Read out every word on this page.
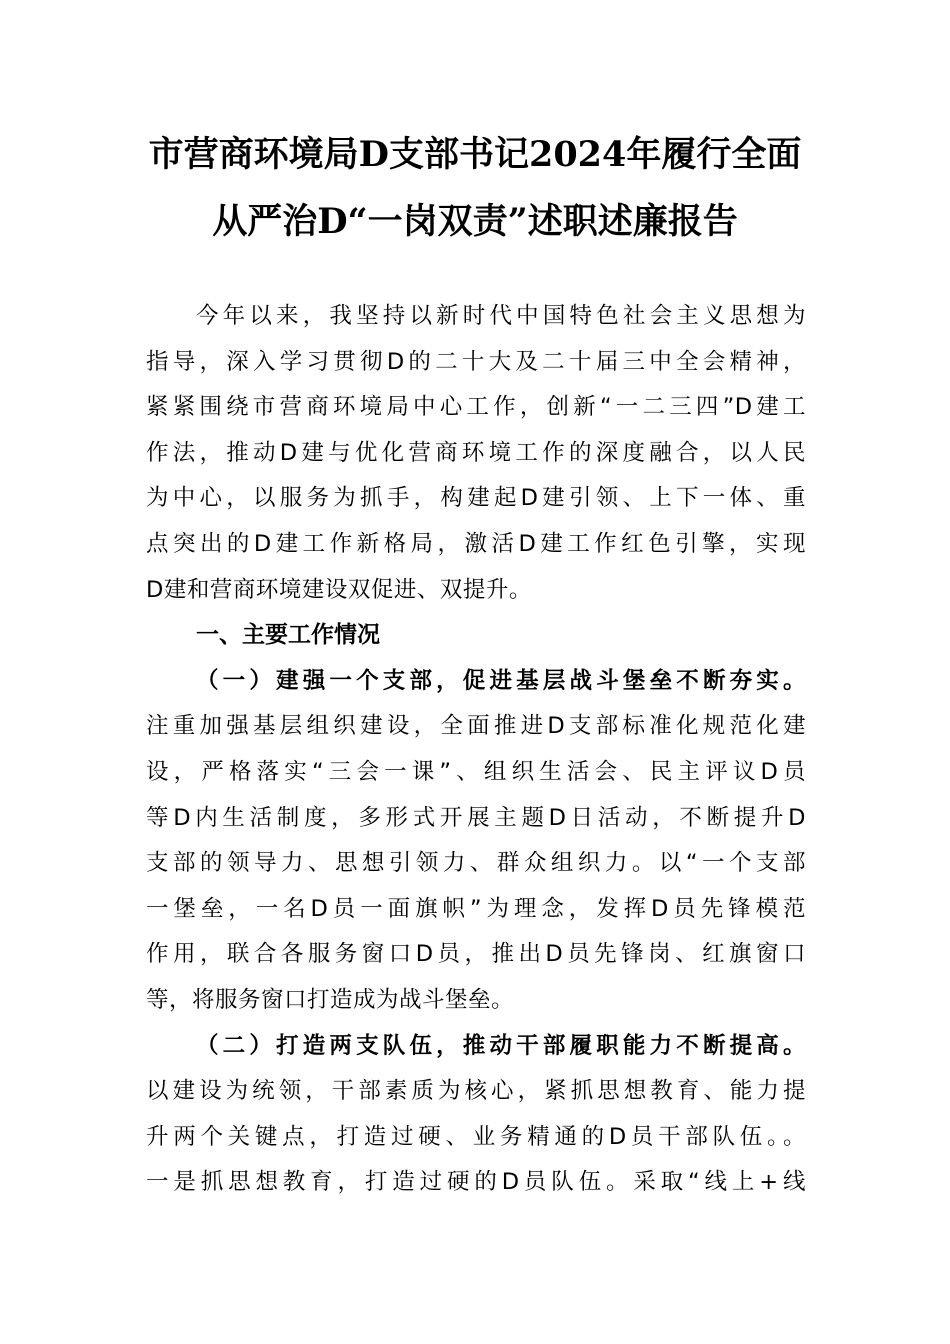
市营商环境局D支部书记2024年履行全面
从严治D“一岗双责”述职述廉报告
今年以来，我坚持以新时代中国特色社会主义思想为
指导，深入学习贯彻D的二十大及二十届三中全会精神，
紧紧围绕市营商环境局中心工作，创新“一二三四”D建工
作法，推动D建与优化营商环境工作的深度融合，以人民
为中心，以服务为抓手，构建起D建引领、上下一体、重
点突出的D建工作新格局，激活D建工作红色引擎，实现
D建和营商环境建设双促进、双提升。
一、主要工作情况
（一）建强一个支部，促进基层战斗堡垒不断夯实。
注重加强基层组织建设，全面推进D支部标准化规范化建
设，严格落实“三会一课”、组织生活会、民主评议D员
等D内生活制度，多形式开展主题D日活动，不断提升D
支部的领导力、思想引领力、群众组织力。以“一个支部
一堡垒，一名D员一面旗帜”为理念，发挥D员先锋模范
作用，联合各服务窗口D员，推出D员先锋岗、红旗窗口
等，将服务窗口打造成为战斗堡垒。
（二）打造两支队伍，推动干部履职能力不断提高。
以建设为统领，干部素质为核心，紧抓思想教育、能力提
升两个关键点，打造过硬、业务精通的D员干部队伍。。
一是抓思想教育，打造过硬的D员队伍。采取“线上+线
